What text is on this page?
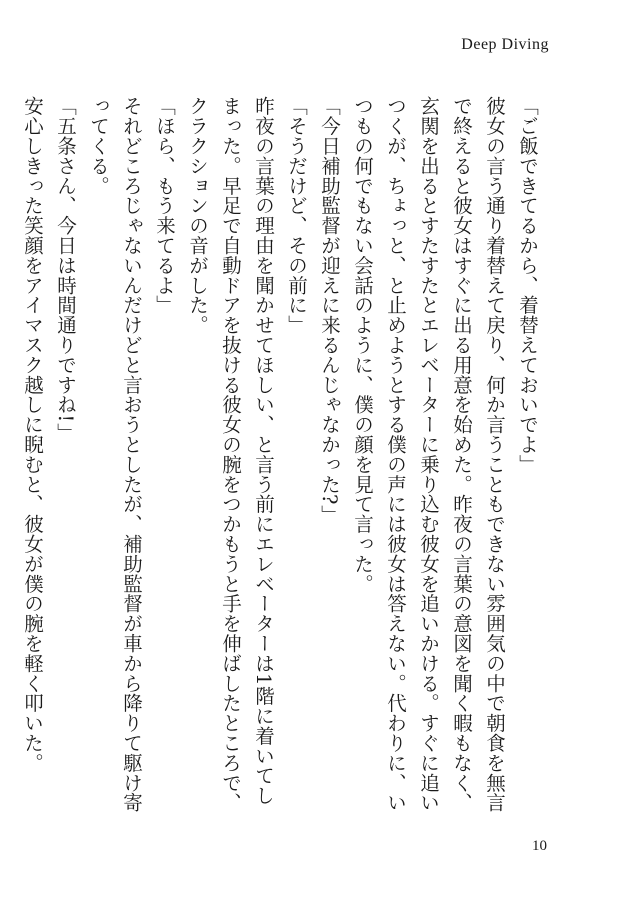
Deep Diving

「ご飯できてるから、着替えておいでよ」

彼女の言う通り着替えて戻り、何か言うこともできない雰囲気の中で朝食を無言で終えると彼女はすぐに出る用意を始めた。昨夜の言葉の意図を聞く暇もなく、玄関を出るとすたすたとエレベーターに乗り込む彼女を追いかける。すぐに追いつくが、ちょっと、と止めようとする僕の声には彼女は答えない。代わりに、いつもの何でもない会話のように、僕の顔を見て言った。

「今日補助監督が迎えに来るんじゃなかった?」

「そうだけど、その前に」

昨夜の言葉の理由を聞かせてほしい、と言う前にエレベーターは1階に着いてしまった。早足で自動ドアを抜ける彼女の腕をつかもうと手を伸ばしたところで、クラクションの音がした。

「ほら、もう来てるよ」

それどころじゃないんだけどと言おうとしたが、補助監督が車から降りて駆け寄ってくる。

「五条さん、今日は時間通りですね!」

安心しきった笑顔をアイマスク越しに睨むと、彼女が僕の腕を軽く叩いた。

10
